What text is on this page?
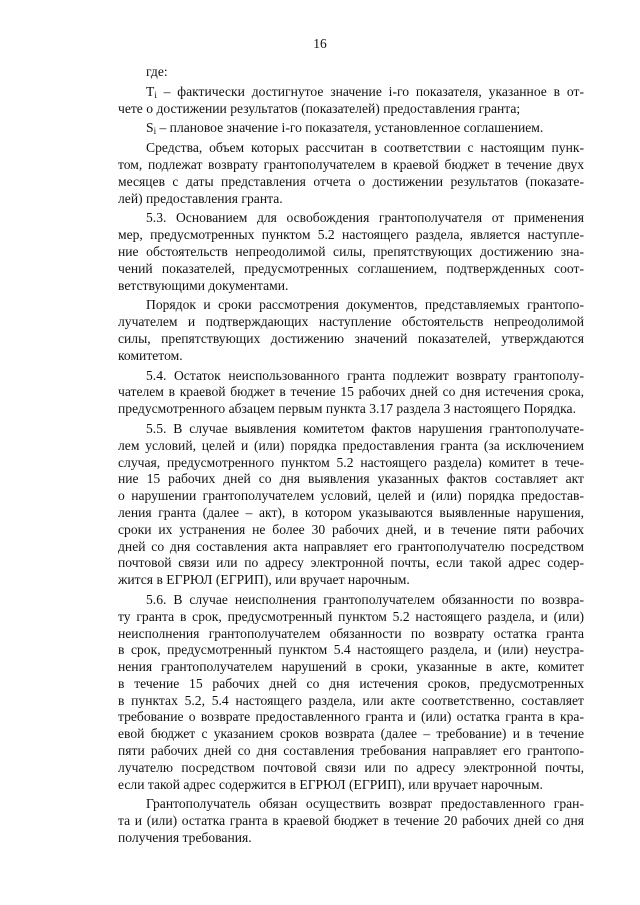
16
где:
$T_i$ – фактически достигнутое значение i-го показателя, указанное в от-
чете о достижении результатов (показателей) предоставления гранта;
$S_i$ – плановое значение i-го показателя, установленное соглашением.
Средства, объем которых рассчитан в соответствии с настоящим пунк-
том, подлежат возврату грантополучателем в краевой бюджет в течение двух
месяцев с даты представления отчета о достижении результатов (показате-
лей) предоставления гранта.
5.3. Основанием для освобождения грантополучателя от применения
мер, предусмотренных пунктом 5.2 настоящего раздела, является наступле-
ние обстоятельств непреодолимой силы, препятствующих достижению зна-
чений показателей, предусмотренных соглашением, подтвержденных соот-
ветствующими документами.
Порядок и сроки рассмотрения документов, представляемых грантопо-
лучателем и подтверждающих наступление обстоятельств непреодолимой
силы, препятствующих достижению значений показателей, утверждаются
комитетом.
5.4. Остаток неиспользованного гранта подлежит возврату грантополу-
чателем в краевой бюджет в течение 15 рабочих дней со дня истечения срока,
предусмотренного абзацем первым пункта 3.17 раздела 3 настоящего Порядка.
5.5. В случае выявления комитетом фактов нарушения грантополучате-
лем условий, целей и (или) порядка предоставления гранта (за исключением
случая, предусмотренного пунктом 5.2 настоящего раздела) комитет в тече-
ние 15 рабочих дней со дня выявления указанных фактов составляет акт
о нарушении грантополучателем условий, целей и (или) порядка предостав-
ления гранта (далее – акт), в котором указываются выявленные нарушения,
сроки их устранения не более 30 рабочих дней, и в течение пяти рабочих
дней со дня составления акта направляет его грантополучателю посредством
почтовой связи или по адресу электронной почты, если такой адрес содер-
жится в ЕГРЮЛ (ЕГРИП), или вручает нарочным.
5.6. В случае неисполнения грантополучателем обязанности по возвра-
ту гранта в срок, предусмотренный пунктом 5.2 настоящего раздела, и (или)
неисполнения грантополучателем обязанности по возврату остатка гранта
в срок, предусмотренный пунктом 5.4 настоящего раздела, и (или) неустра-
нения грантополучателем нарушений в сроки, указанные в акте, комитет
в течение 15 рабочих дней со дня истечения сроков, предусмотренных
в пунктах 5.2, 5.4 настоящего раздела, или акте соответственно, составляет
требование о возврате предоставленного гранта и (или) остатка гранта в кра-
евой бюджет с указанием сроков возврата (далее – требование) и в течение
пяти рабочих дней со дня составления требования направляет его грантопо-
лучателю посредством почтовой связи или по адресу электронной почты,
если такой адрес содержится в ЕГРЮЛ (ЕГРИП), или вручает нарочным.
Грантополучатель обязан осуществить возврат предоставленного гран-
та и (или) остатка гранта в краевой бюджет в течение 20 рабочих дней со дня
получения требования.
